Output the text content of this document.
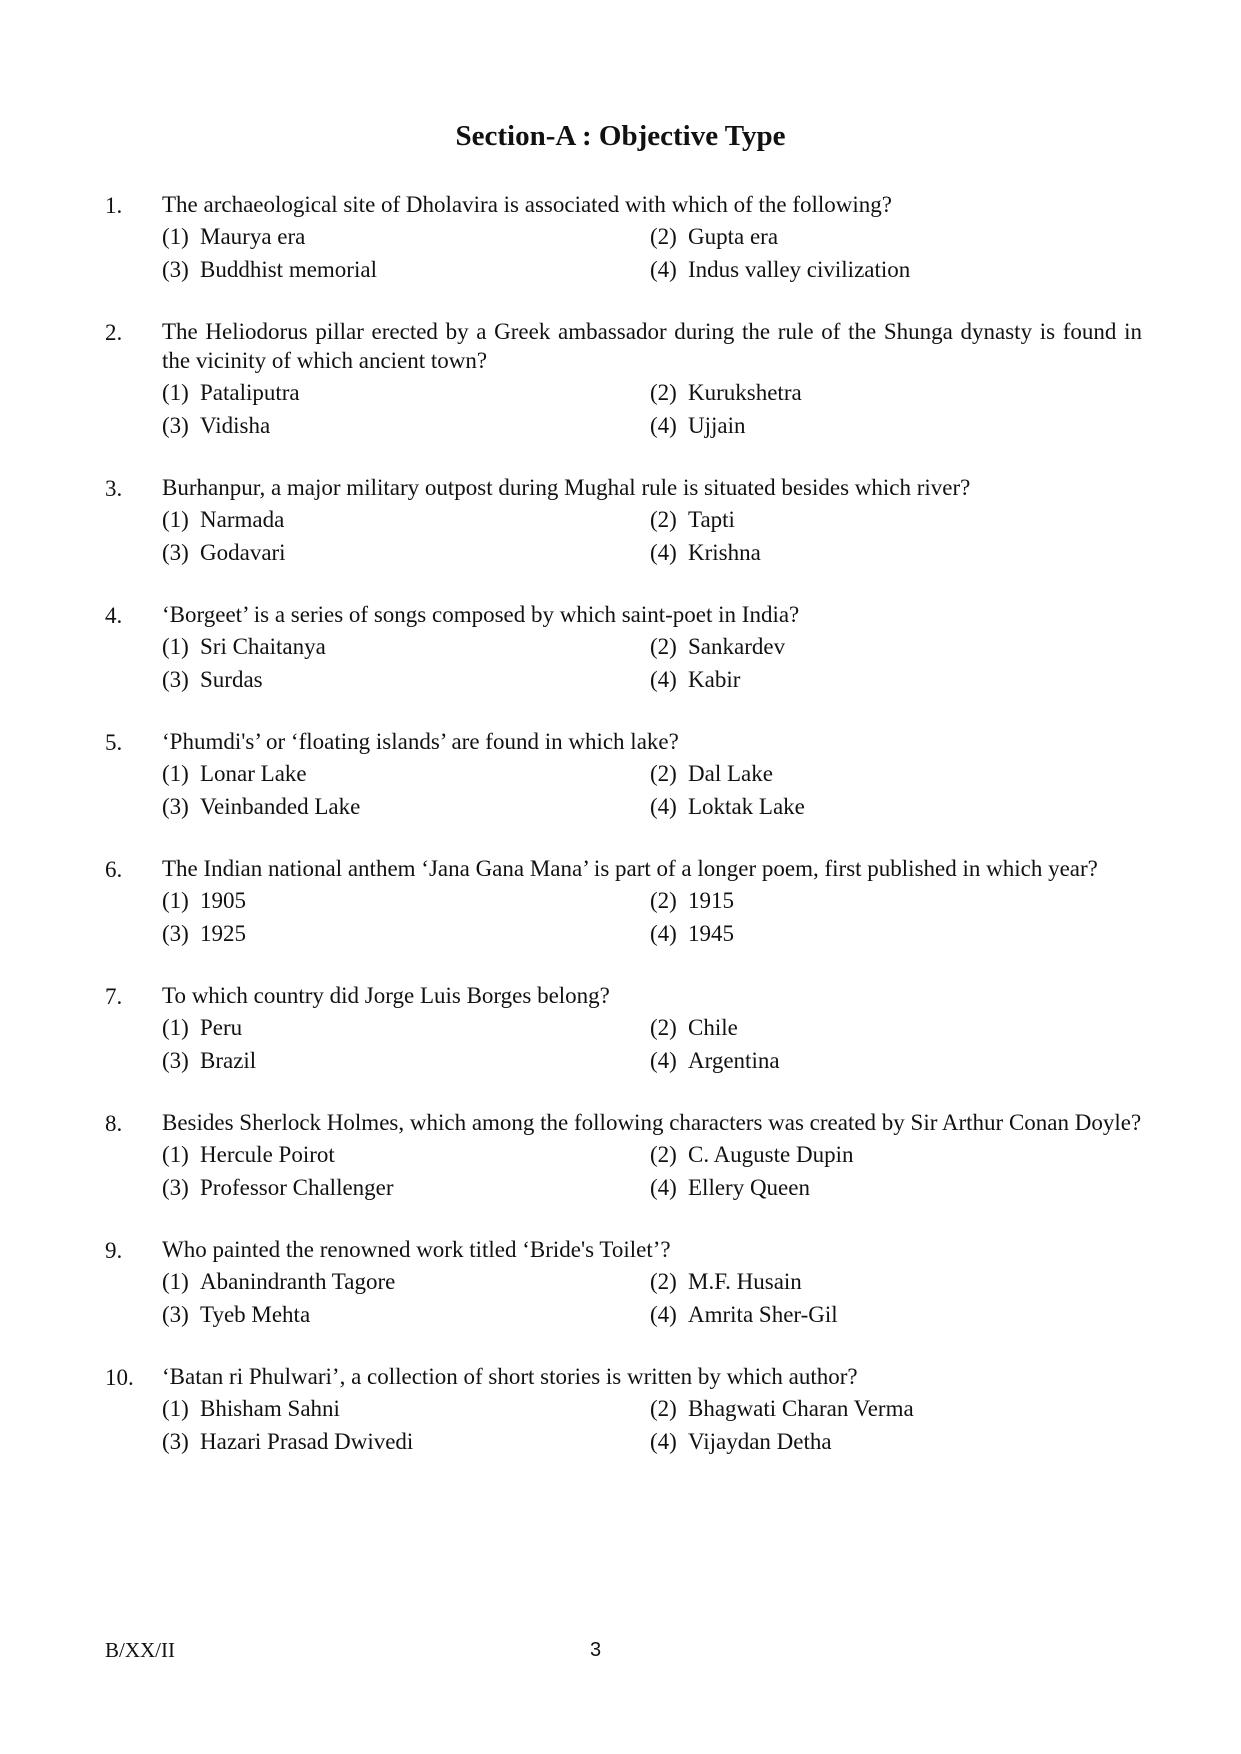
Section-A : Objective Type
1. The archaeological site of Dholavira is associated with which of the following?
(1) Maurya era	(2) Gupta era
(3) Buddhist memorial	(4) Indus valley civilization
2. The Heliodorus pillar erected by a Greek ambassador during the rule of the Shunga dynasty is found in the vicinity of which ancient town?
(1) Pataliputra	(2) Kurukshetra
(3) Vidisha	(4) Ujjain
3. Burhanpur, a major military outpost during Mughal rule is situated besides which river?
(1) Narmada	(2) Tapti
(3) Godavari	(4) Krishna
4. ‘Borgeet’ is a series of songs composed by which saint-poet in India?
(1) Sri Chaitanya	(2) Sankardev
(3) Surdas	(4) Kabir
5. ‘Phumdi's’ or ‘floating islands’ are found in which lake?
(1) Lonar Lake	(2) Dal Lake
(3) Veinbanded Lake	(4) Loktak Lake
6. The Indian national anthem ‘Jana Gana Mana’ is part of a longer poem, first published in which year?
(1) 1905	(2) 1915
(3) 1925	(4) 1945
7. To which country did Jorge Luis Borges belong?
(1) Peru	(2) Chile
(3) Brazil	(4) Argentina
8. Besides Sherlock Holmes, which among the following characters was created by Sir Arthur Conan Doyle?
(1) Hercule Poirot	(2) C. Auguste Dupin
(3) Professor Challenger	(4) Ellery Queen
9. Who painted the renowned work titled ‘Bride's Toilet’?
(1) Abanindranth Tagore	(2) M.F. Husain
(3) Tyeb Mehta	(4) Amrita Sher-Gil
10. ‘Batan ri Phulwari’, a collection of short stories is written by which author?
(1) Bhisham Sahni	(2) Bhagwati Charan Verma
(3) Hazari Prasad Dwivedi	(4) Vijaydan Detha
B/XX/II	3
